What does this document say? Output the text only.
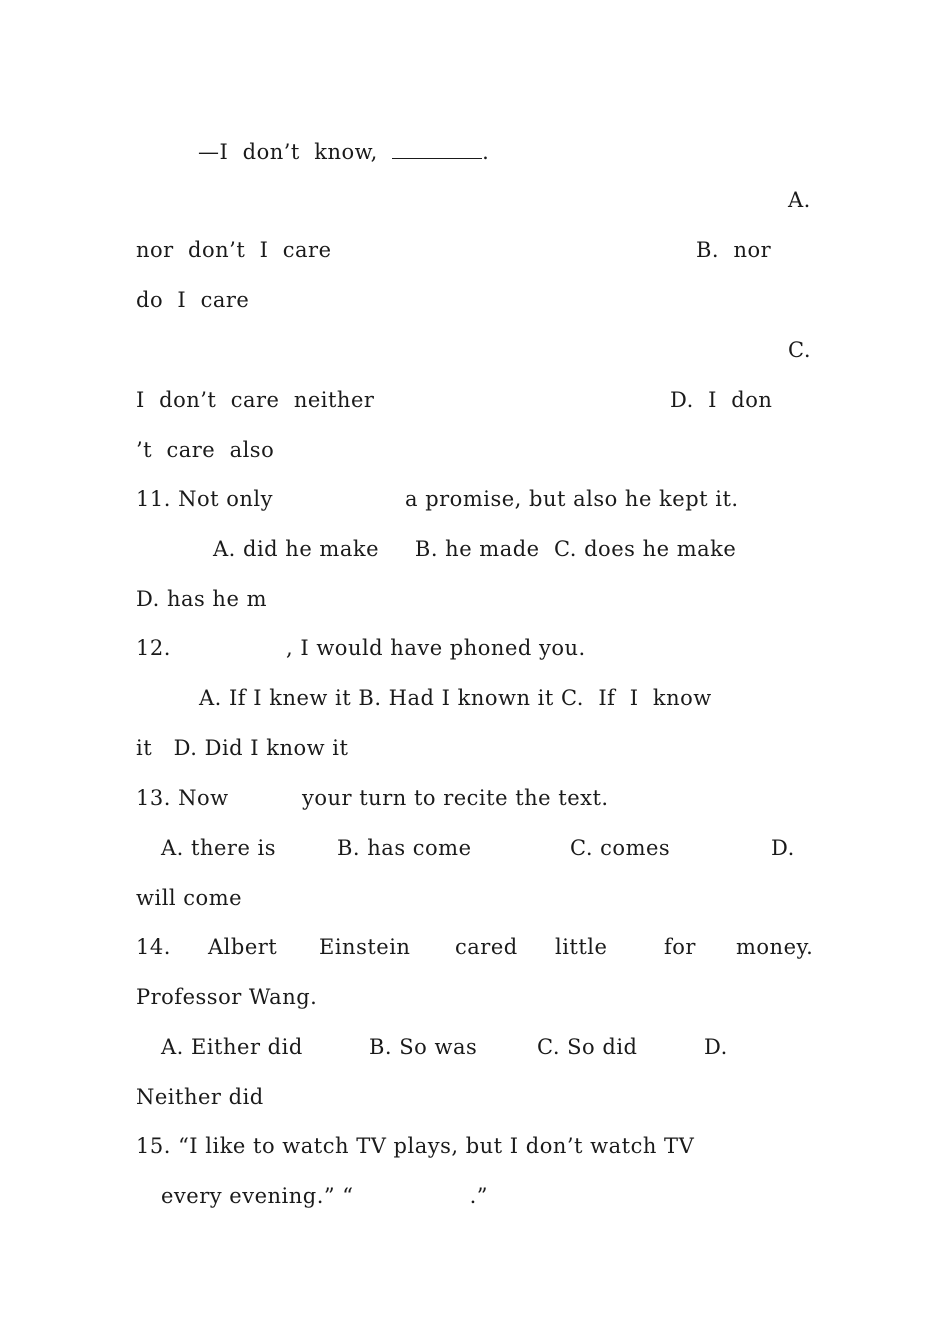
—I  don’t  know,	.
A.
nor  don’t  I  care	B.  nor
do  I  care
C.
I  don’t  care  neither	D.  I  don
’t  care  also
11. Not only	a promise, but also he kept it.
A. did he make     B. he made  C. does he make
D. has he m
12.	, I would have phoned you.
A. If I knew it B. Had I known it C.  If  I  know
it   D. Did I know it
13. Now	your turn to recite the text.
A. there is	B. has come	C. comes	D.
will come
14. Albert Einstein cared little	for money.
Professor Wang.
A. Either did	B. So was	C. So did	D.
Neither did
15. “I like to watch TV plays, but I don’t watch TV
every evening.” “	.”
